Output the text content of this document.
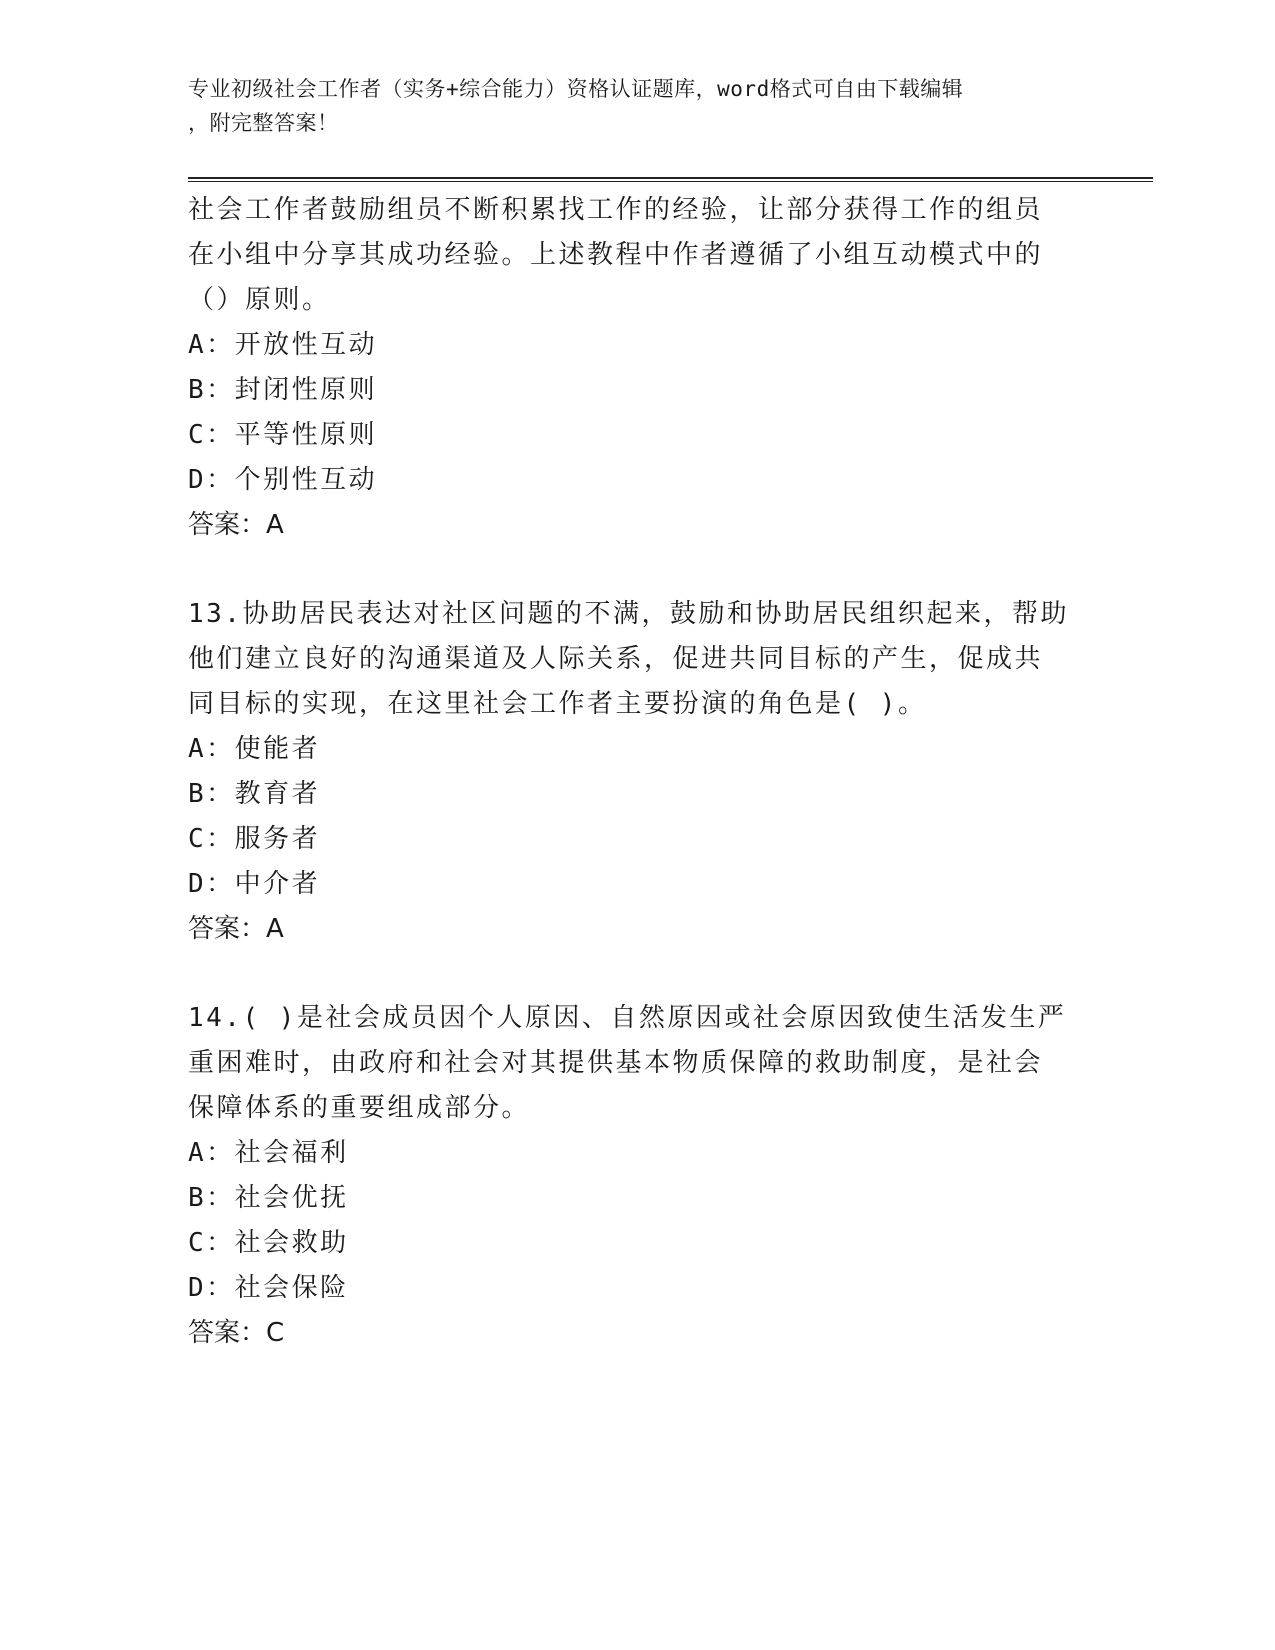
专业初级社会工作者（实务+综合能力）资格认证题库，word格式可自由下载编辑
，附完整答案！

社会工作者鼓励组员不断积累找工作的经验，让部分获得工作的组员
在小组中分享其成功经验。上述教程中作者遵循了小组互动模式中的
（）原则。

A：开放性互动

B：封闭性原则

C：平等性原则

D：个别性互动

答案：A

13.协助居民表达对社区问题的不满，鼓励和协助居民组织起来，帮助
他们建立良好的沟通渠道及人际关系，促进共同目标的产生，促成共
同目标的实现，在这里社会工作者主要扮演的角色是( )。

A：使能者

B：教育者

C：服务者

D：中介者

答案：A

14.( )是社会成员因个人原因、自然原因或社会原因致使生活发生严
重困难时，由政府和社会对其提供基本物质保障的救助制度，是社会
保障体系的重要组成部分。

A：社会福利

B：社会优抚

C：社会救助

D：社会保险

答案：C
